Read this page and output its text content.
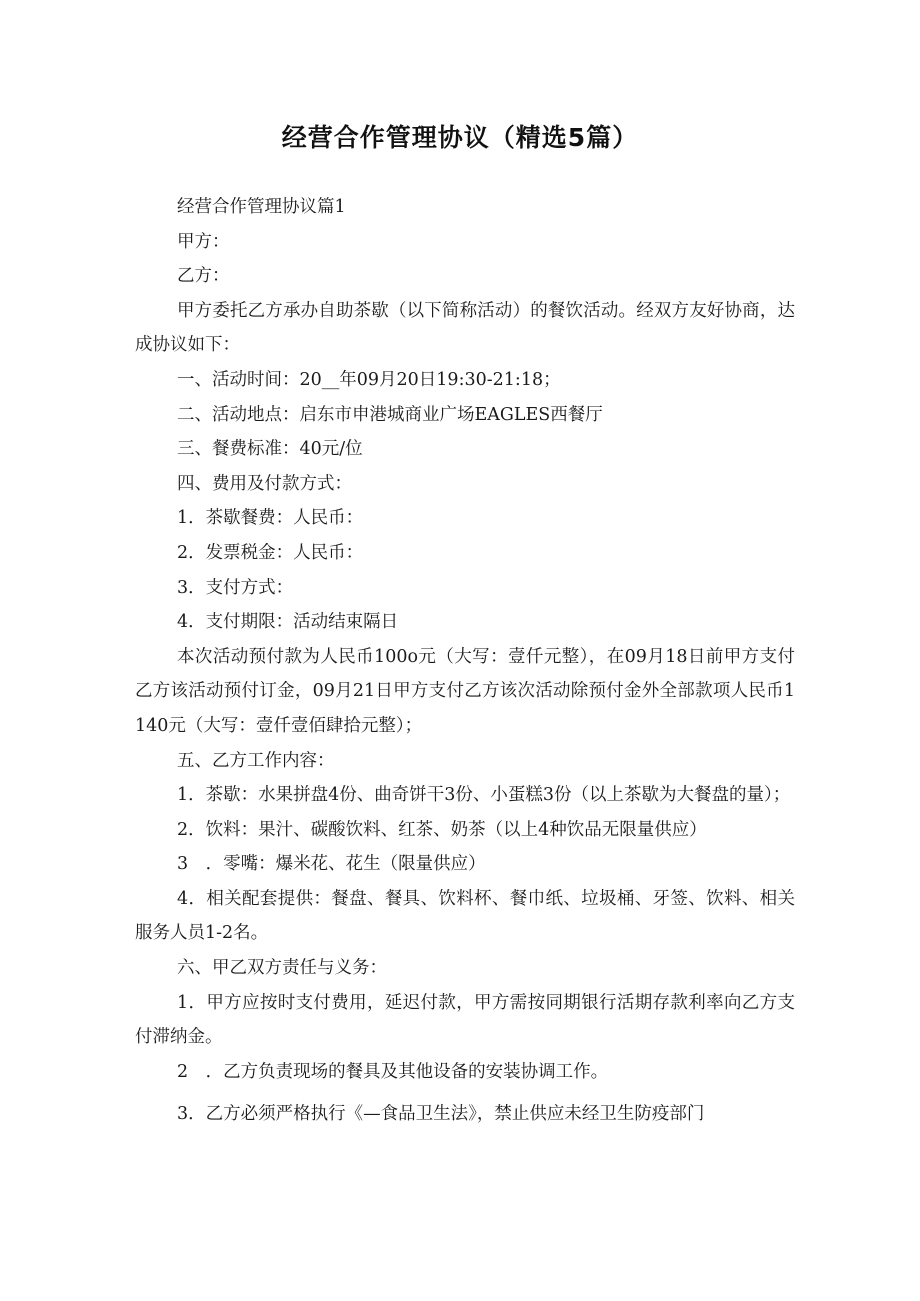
经营合作管理协议（精选5篇）

经营合作管理协议篇1

甲方：

乙方：

甲方委托乙方承办自助茶歇（以下简称活动）的餐饮活动。经双方友好协商，达成协议如下：

一、活动时间：20__年09月20日19:30-21:18；

二、活动地点：启东市申港城商业广场EAGLES西餐厅

三、餐费标准：40元/位

四、费用及付款方式：

1．茶歇餐费：人民币：

2．发票税金：人民币：

3．支付方式：

4．支付期限：活动结束隔日

本次活动预付款为人民币100o元（大写：壹仟元整），在09月18日前甲方支付乙方该活动预付订金，09月21日甲方支付乙方该次活动除预付金外全部款项人民币1140元（大写：壹仟壹佰肆拾元整）；

五、乙方工作内容：

1．茶歇：水果拼盘4份、曲奇饼干3份、小蛋糕3份（以上茶歇为大餐盘的量）；

2．饮料：果汁、碳酸饮料、红茶、奶茶（以上4种饮品无限量供应）

3　．零嘴：爆米花、花生（限量供应）

4．相关配套提供：餐盘、餐具、饮料杯、餐巾纸、垃圾桶、牙签、饮料、相关服务人员1-2名。

六、甲乙双方责任与义务：

1．甲方应按时支付费用，延迟付款，甲方需按同期银行活期存款利率向乙方支付滞纳金。

2　．乙方负责现场的餐具及其他设备的安装协调工作。

3．乙方必须严格执行《—食品卫生法》，禁止供应未经卫生防疫部门
